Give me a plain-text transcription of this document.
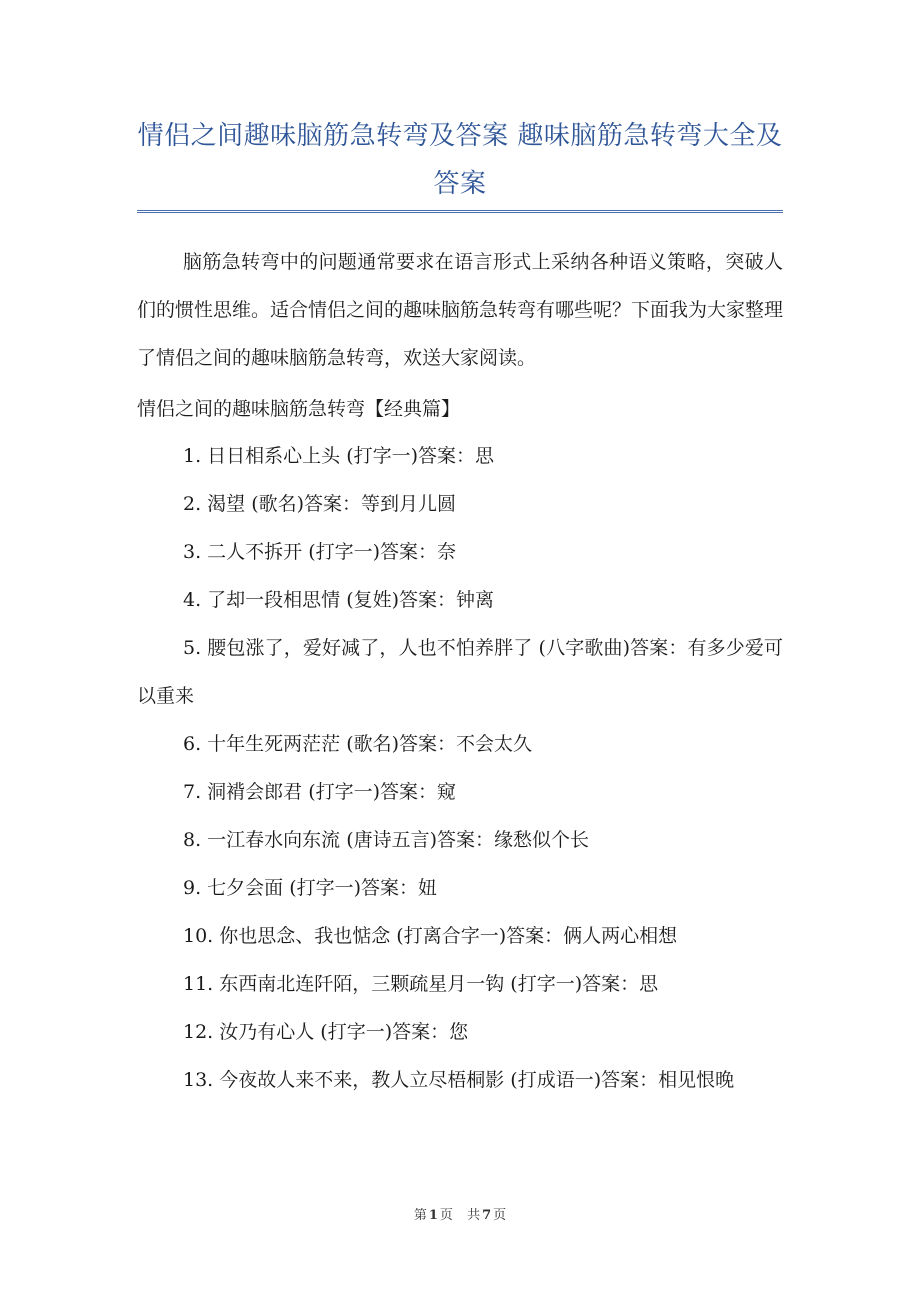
情侣之间趣味脑筋急转弯及答案 趣味脑筋急转弯大全及答案
脑筋急转弯中的问题通常要求在语言形式上采纳各种语义策略，突破人们的惯性思维。适合情侣之间的趣味脑筋急转弯有哪些呢？下面我为大家整理了情侣之间的趣味脑筋急转弯，欢送大家阅读。
情侣之间的趣味脑筋急转弯【经典篇】
1. 日日相系心上头 (打字一)答案：思
2. 渴望 (歌名)答案：等到月儿圆
3. 二人不拆开 (打字一)答案：奈
4. 了却一段相思情 (复姓)答案：钟离
5. 腰包涨了，爱好减了，人也不怕养胖了 (八字歌曲)答案：有多少爱可以重来
6. 十年生死两茫茫 (歌名)答案：不会太久
7. 洞褙会郎君 (打字一)答案：窥
8. 一江春水向东流 (唐诗五言)答案：缘愁似个长
9. 七夕会面 (打字一)答案：妞
10. 你也思念、我也惦念 (打离合字一)答案：俩人两心相想
11. 东西南北连阡陌，三颗疏星月一钩 (打字一)答案：思
12. 汝乃有心人 (打字一)答案：您
13. 今夜故人来不来，教人立尽梧桐影 (打成语一)答案：相见恨晚
第 1 页 共 7 页
